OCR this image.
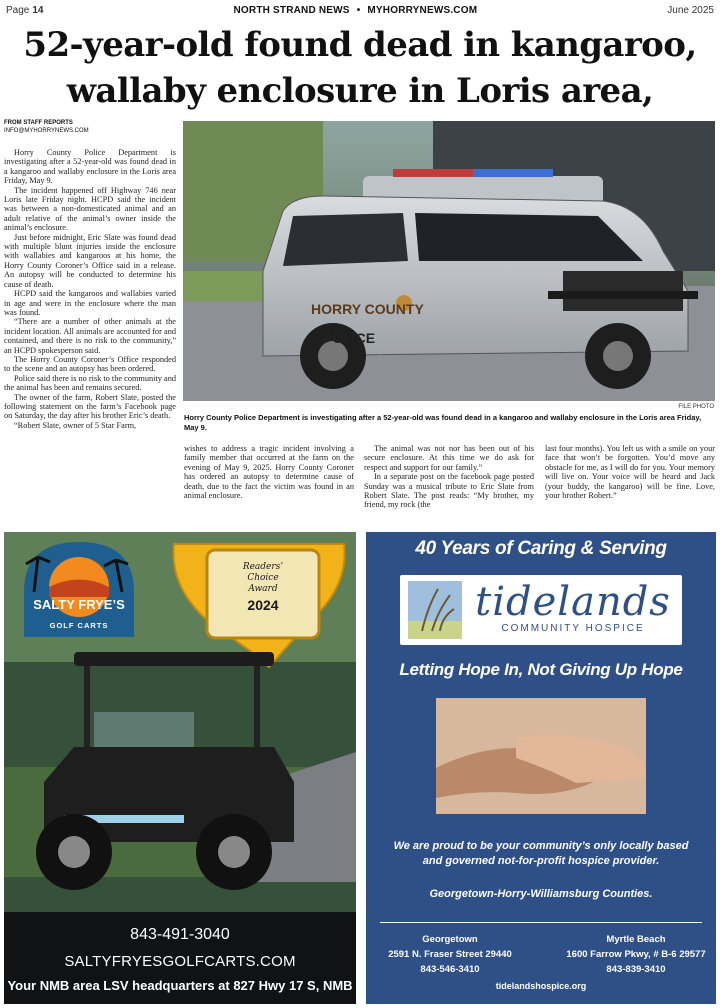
Page 14	NORTH STRAND NEWS • MYHORRYNEWS.COM	June 2025
52-year-old found dead in kangaroo,
wallaby enclosure in Loris area,
FROM STAFF REPORTS
INFO@MYHORRYNEWS.COM

Horry County Police Department is investigating after a 52-year-old was found dead in a kangaroo and wallaby enclosure in the Loris area Friday, May 9.

The incident happened off Highway 746 near Loris late Friday night. HCPD said the incident was between a non-domesticated animal and an adult relative of the animal’s owner inside the animal’s enclosure.

Just before midnight, Eric Slate was found dead with multiple blunt injuries inside the enclosure with wallabies and kangaroos at his home, the Horry County Coroner’s Office said in a release. An autopsy will be conducted to determine his cause of death.

HCPD said the kangaroos and wallabies varied in age and were in the enclosure where the man was found.

“There are a number of other animals at the incident location. All animals are accounted for and contained, and there is no risk to the community,” an HCPD spokesperson said.

The Horry County Coroner’s Office responded to the scene and an autopsy has been ordered.

Police said there is no risk to the community and the animal has been and remains secured.

The owner of the farm, Robert Slate, posted the following statement on the farm’s Facebook page on Saturday, the day after his brother Eric’s death.

“Robert Slate, owner of 5 Star Farm,

HORRY COUNTY
POLICE
FILE PHOTO
Horry County Police Department is investigating after a 52-year-old was found dead in a kangaroo and wallaby enclosure in the Loris area Friday, May 9.

wishes to address a tragic incident involving a family member that occurred at the farm on the evening of May 9, 2025. Horry County Coroner has ordered an autopsy to determine cause of death, due to the fact the victim was found in an animal enclosure.

The animal was not nor has been out of his secure enclosure. At this time we do ask for respect and support for our family.”

In a separate post on the facebook page posted Sunday was a musical tribute to Eric Slate from Robert Slate. The post reads: “My brother, my friend, my rock (the

last four months). You left us with a smile on your face that won’t be forgotten. You’d move any obstacle for me, as I will do for you. Your memory will live on. Your voice will be heard and Jack (your buddy, the kangaroo) will be fine. Love, your brother Robert.”

SALTY FRYE’S
GOLF CARTS
Readers’
Choice
Award
2024
843-491-3040
SALTYFRYESGOLFCARTS.COM
Your NMB area LSV headquarters at 827 Hwy 17 S, NMB
40 Years of Caring & Serving
tidelands
COMMUNITY HOSPICE
Letting Hope In, Not Giving Up Hope
We are proud to be your community’s only locally based and governed not-for-profit hospice provider.
Georgetown-Horry-Williamsburg Counties.
Georgetown
2591 N. Fraser Street 29440
843-546-3410
Myrtle Beach
1600 Farrow Pkwy, # B-6 29577
843-839-3410
tidelandshospice.org
